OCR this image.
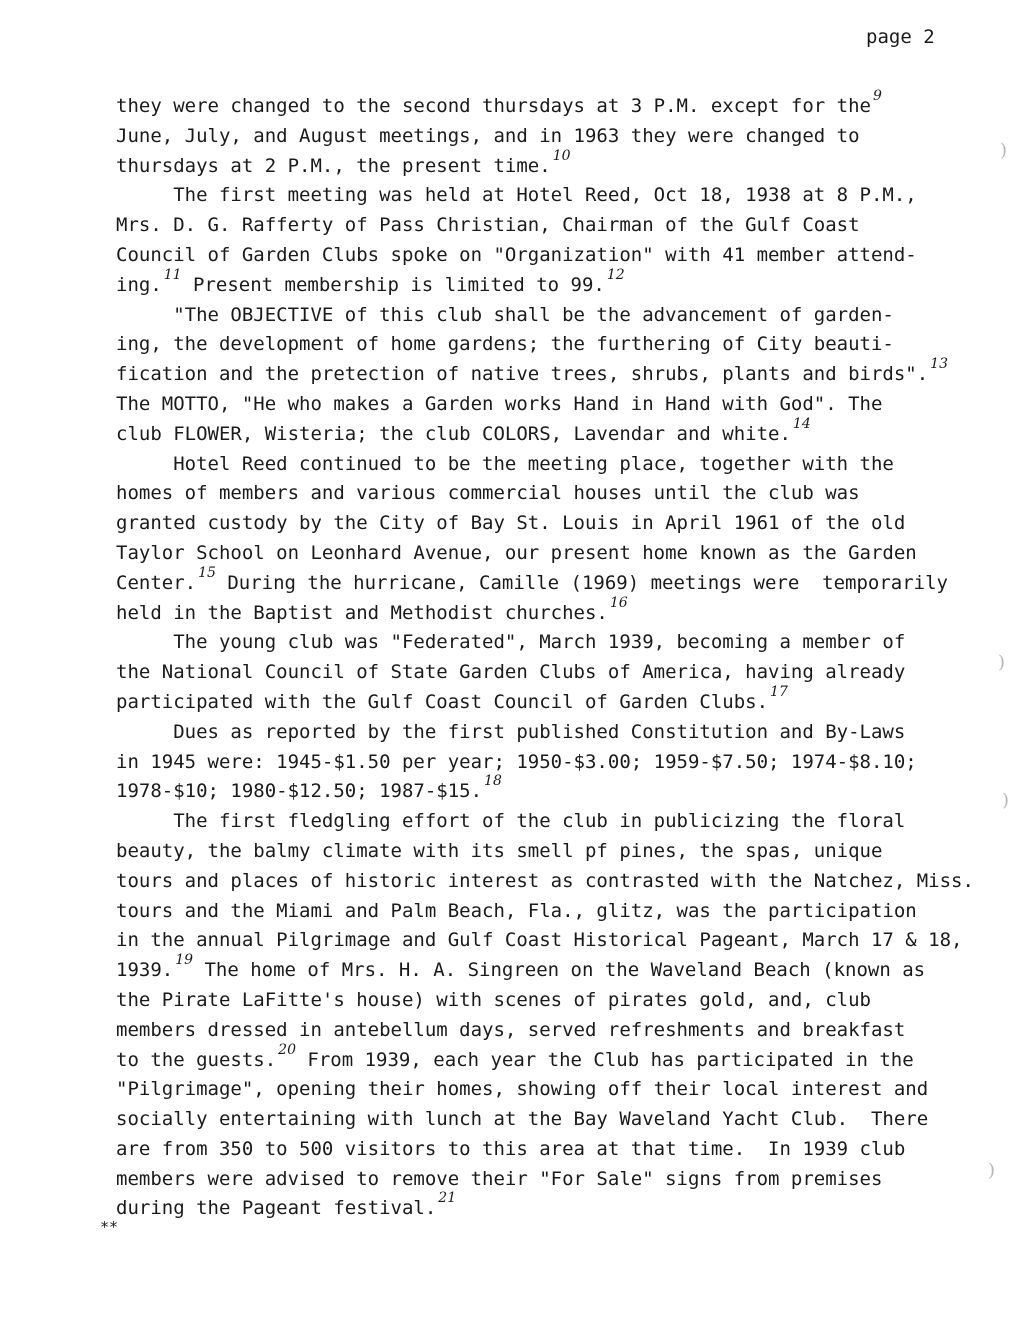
page 2
they were changed to the second thursdays at 3 P.M. except for the $^9$
June, July, and August meetings, and in 1963 they were changed to
thursdays at 2 P.M., the present time. $^{10}$
The first meeting was held at Hotel Reed, Oct 18, 1938 at 8 P.M.,
Mrs. D. G. Rafferty of Pass Christian, Chairman of the Gulf Coast
Council of Garden Clubs spoke on "Organization" with 41 member attend-
ing. $^{11}$ Present membership is limited to 99. $^{12}$
"The OBJECTIVE of this club shall be the advancement of garden-
ing, the development of home gardens; the furthering of City beauti-
fication and the pretection of native trees, shrubs, plants and birds". $^{13}$
The MOTTO, "He who makes a Garden works Hand in Hand with God". The
club FLOWER, Wisteria; the club COLORS, Lavendar and white. $^{14}$
Hotel Reed continued to be the meeting place, together with the
homes of members and various commercial houses until the club was
granted custody by the City of Bay St. Louis in April 1961 of the old
Taylor School on Leonhard Avenue, our present home known as the Garden
Center. $^{15}$ During the hurricane, Camille (1969) meetings were  temporarily
held in the Baptist and Methodist churches. $^{16}$
The young club was "Federated", March 1939, becoming a member of
the National Council of State Garden Clubs of America, having already
participated with the Gulf Coast Council of Garden Clubs. $^{17}$
Dues as reported by the first published Constitution and By-Laws
in 1945 were: 1945-$1.50 per year; 1950-$3.00; 1959-$7.50; 1974-$8.10;
1978-$10; 1980-$12.50; 1987-$15. $^{18}$
The first fledgling effort of the club in publicizing the floral
beauty, the balmy climate with its smell pf pines, the spas, unique
tours and places of historic interest as contrasted with the Natchez, Miss.
tours and the Miami and Palm Beach, Fla., glitz, was the participation
in the annual Pilgrimage and Gulf Coast Historical Pageant, March 17 & 18,
1939. $^{19}$ The home of Mrs. H. A. Singreen on the Waveland Beach (known as
the Pirate LaFitte's house) with scenes of pirates gold, and, club
members dressed in antebellum days, served refreshments and breakfast
to the guests. $^{20}$ From 1939, each year the Club has participated in the
"Pilgrimage", opening their homes, showing off their local interest and
socially entertaining with lunch at the Bay Waveland Yacht Club.  There
are from 350 to 500 visitors to this area at that time.  In 1939 club
members were advised to remove their "For Sale" signs from premises
during the Pageant festival. $^{21}$
**
)
)
)
)
